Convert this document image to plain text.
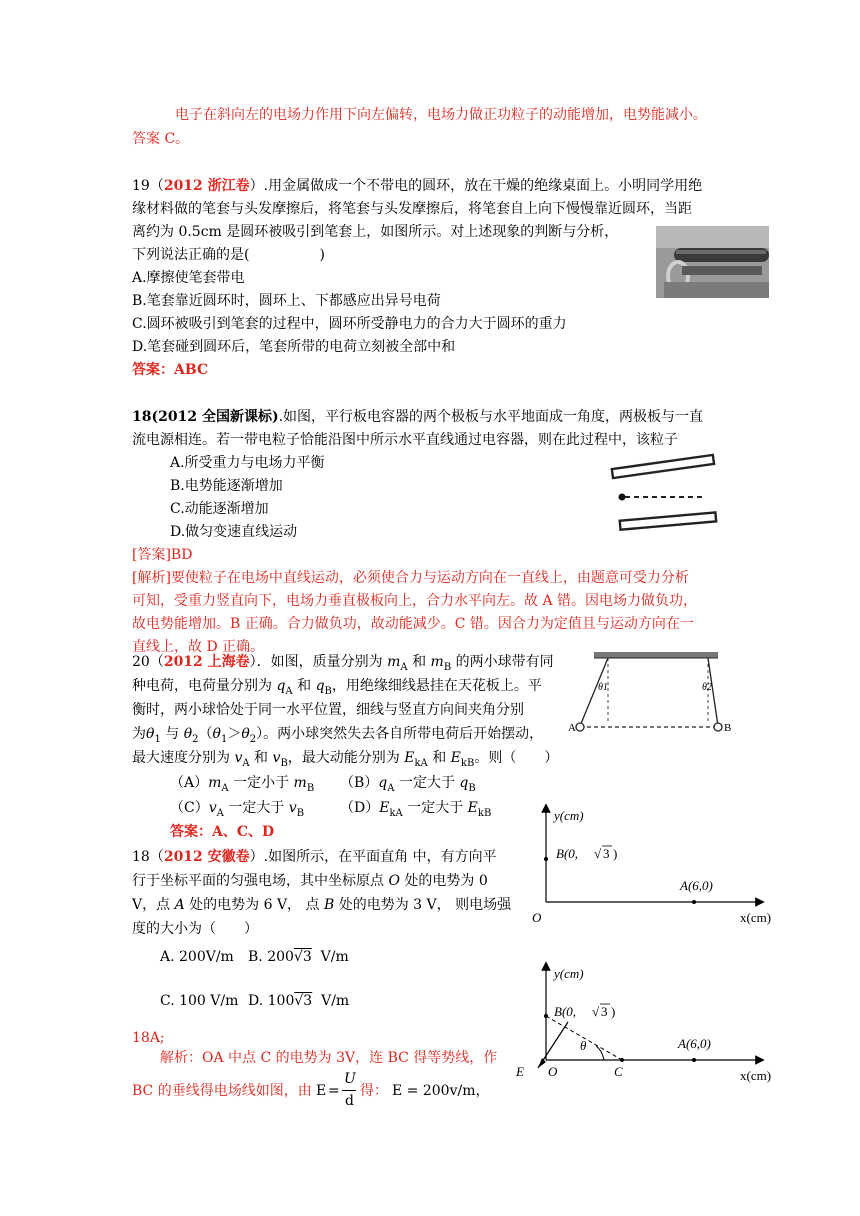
电子在斜向左的电场力作用下向左偏转，电场力做正功粒子的动能增加，电势能减小。
答案 C。
19（2012 浙江卷）.用金属做成一个不带电的圆环，放在干燥的绝缘桌面上。小明同学用绝
缘材料做的笔套与头发摩擦后，将笔套与头发摩擦后，将笔套自上向下慢慢靠近圆环，当距
离约为 0.5cm 是圆环被吸引到笔套上，如图所示。对上述现象的判断与分析，
下列说法正确的是(　　　　　)
A.摩擦使笔套带电
B.笔套靠近圆环时，圆环上、下都感应出异号电荷
C.圆环被吸引到笔套的过程中，圆环所受静电力的合力大于圆环的重力
D.笔套碰到圆环后，笔套所带的电荷立刻被全部中和
答案：ABC
18(2012 全国新课标).如图，平行板电容器的两个极板与水平地面成一角度，两极板与一直
流电源相连。若一带电粒子恰能沿图中所示水平直线通过电容器，则在此过程中，该粒子
A.所受重力与电场力平衡
B.电势能逐渐增加
C.动能逐渐增加
D.做匀变速直线运动
[答案]BD
[解析]要使粒子在电场中直线运动，必须使合力与运动方向在一直线上，由题意可受力分析
可知，受重力竖直向下，电场力垂直极板向上，合力水平向左。故 A 错。因电场力做负功，
故电势能增加。B 正确。合力做负功，故动能减少。C 错。因合力为定值且与运动方向在一
直线上，故 D 正确。
20（2012 上海卷）．如图，质量分别为 $m_A$ 和 $m_B$ 的两小球带有同
种电荷，电荷量分别为 $q_A$ 和 $q_B$，用绝缘细线悬挂在天花板上。平
衡时，两小球恰处于同一水平位置，细线与竖直方向间夹角分别
为$\theta_1$ 与 $\theta_2(\theta_1>\theta_2)$。两小球突然失去各自所带电荷后开始摆动，
最大速度分别为 $v_A$ 和 $v_B$，最大动能分别为 $E_{kA}$ 和 $E_{kB}$。则（　　）
$(A)m_A$ 一定小于 $m_B$ $(B)q_A$ 一定大于 $q_B$
$(C)v_A$ 一定大于 $v_B$	$(D)E_{kA}$ 一定大于 $E_{kB}$
答案：A、C、D
A	B
θ1	θ2
18（2012 安徽卷）.如图所示，在平面直角 中，有方向平
行于坐标平面的匀强电场，其中坐标原点 O 处的电势为 0
V，点 A 处的电势为 6 V， 点 B 处的电势为 3 V， 则电场强
度的大小为（　　）
A. 200V/m B. 200√3 V/m
C. 100 V/m D. 100√3 V/m
18A;
解析：OA 中点 C 的电势为 3V，连 BC 得等势线，作
BC 的垂线得电场线如图，由 E =
U
d
得： E = 200v/m，
y(cm)
x(cm)
O
B(0, √ 3 )
A(6,0)
y(cm)
x(cm)
O
E	C
θ
B(0, √ 3 )
A(6,0)
